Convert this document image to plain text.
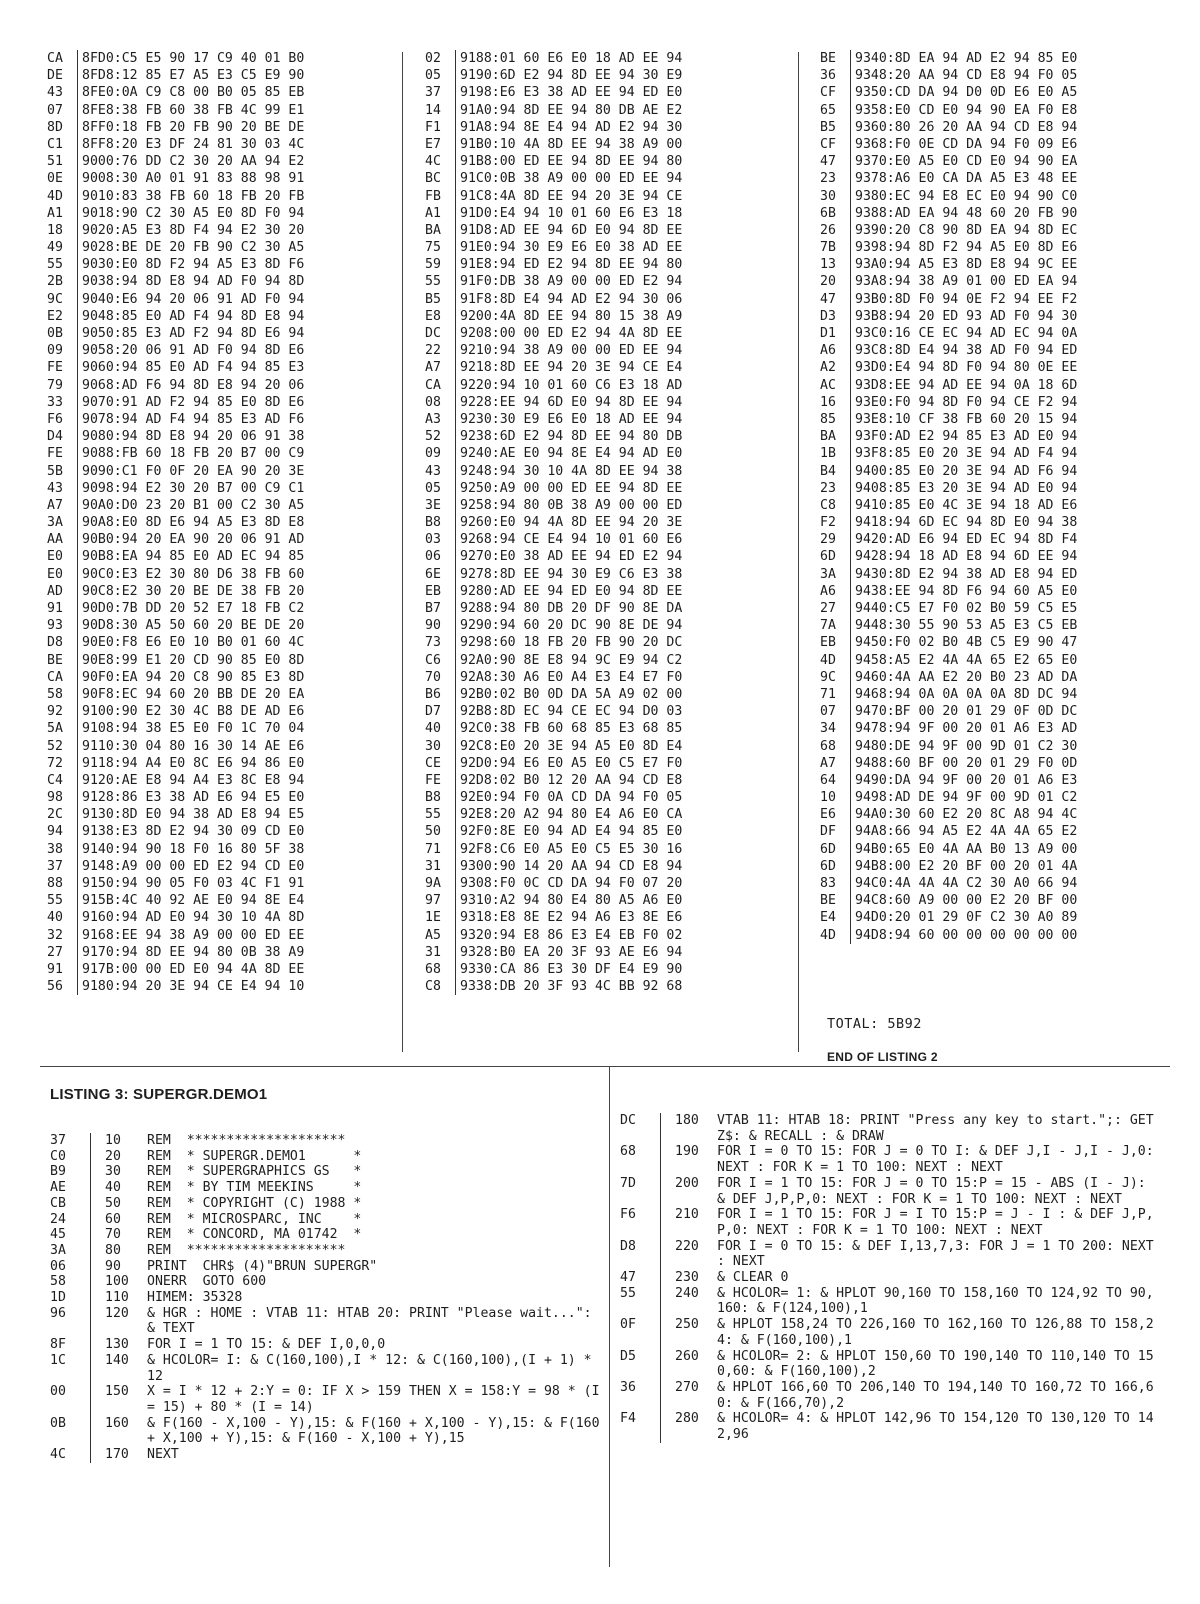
CA	8FD0:C5 E5 90 17 C9 40 01 B0
DE	8FD8:12 85 E7 A5 E3 C5 E9 90
43	8FE0:0A C9 C8 00 B0 05 85 EB
07	8FE8:38 FB 60 38 FB 4C 99 E1
8D	8FF0:18 FB 20 FB 90 20 BE DE
C1	8FF8:20 E3 DF 24 81 30 03 4C
51	9000:76 DD C2 30 20 AA 94 E2
0E	9008:30 A0 01 91 83 88 98 91
4D	9010:83 38 FB 60 18 FB 20 FB
A1	9018:90 C2 30 A5 E0 8D F0 94
18	9020:A5 E3 8D F4 94 E2 30 20
49	9028:BE DE 20 FB 90 C2 30 A5
55	9030:E0 8D F2 94 A5 E3 8D F6
2B	9038:94 8D E8 94 AD F0 94 8D
9C	9040:E6 94 20 06 91 AD F0 94
E2	9048:85 E0 AD F4 94 8D E8 94
0B	9050:85 E3 AD F2 94 8D E6 94
09	9058:20 06 91 AD F0 94 8D E6
FE	9060:94 85 E0 AD F4 94 85 E3
79	9068:AD F6 94 8D E8 94 20 06
33	9070:91 AD F2 94 85 E0 8D E6
F6	9078:94 AD F4 94 85 E3 AD F6
D4	9080:94 8D E8 94 20 06 91 38
FE	9088:FB 60 18 FB 20 B7 00 C9
5B	9090:C1 F0 0F 20 EA 90 20 3E
43	9098:94 E2 30 20 B7 00 C9 C1
A7	90A0:D0 23 20 B1 00 C2 30 A5
3A	90A8:E0 8D E6 94 A5 E3 8D E8
AA	90B0:94 20 EA 90 20 06 91 AD
E0	90B8:EA 94 85 E0 AD EC 94 85
E0	90C0:E3 E2 30 80 D6 38 FB 60
AD	90C8:E2 30 20 BE DE 38 FB 20
91	90D0:7B DD 20 52 E7 18 FB C2
93	90D8:30 A5 50 60 20 BE DE 20
D8	90E0:F8 E6 E0 10 B0 01 60 4C
BE	90E8:99 E1 20 CD 90 85 E0 8D
CA	90F0:EA 94 20 C8 90 85 E3 8D
58	90F8:EC 94 60 20 BB DE 20 EA
92	9100:90 E2 30 4C B8 DE AD E6
5A	9108:94 38 E5 E0 F0 1C 70 04
52	9110:30 04 80 16 30 14 AE E6
72	9118:94 A4 E0 8C E6 94 86 E0
C4	9120:AE E8 94 A4 E3 8C E8 94
98	9128:86 E3 38 AD E6 94 E5 E0
2C	9130:8D E0 94 38 AD E8 94 E5
94	9138:E3 8D E2 94 30 09 CD E0
38	9140:94 90 18 F0 16 80 5F 38
37	9148:A9 00 00 ED E2 94 CD E0
88	9150:94 90 05 F0 03 4C F1 91
55	915B:4C 40 92 AE E0 94 8E E4
40	9160:94 AD E0 94 30 10 4A 8D
32	9168:EE 94 38 A9 00 00 ED EE
27	9170:94 8D EE 94 80 0B 38 A9
91	917B:00 00 ED E0 94 4A 8D EE
56	9180:94 20 3E 94 CE E4 94 10
02	9188:01 60 E6 E0 18 AD EE 94
05	9190:6D E2 94 8D EE 94 30 E9
37	9198:E6 E3 38 AD EE 94 ED E0
14	91A0:94 8D EE 94 80 DB AE E2
F1	91A8:94 8E E4 94 AD E2 94 30
E7	91B0:10 4A 8D EE 94 38 A9 00
4C	91B8:00 ED EE 94 8D EE 94 80
BC	91C0:0B 38 A9 00 00 ED EE 94
FB	91C8:4A 8D EE 94 20 3E 94 CE
A1	91D0:E4 94 10 01 60 E6 E3 18
BA	91D8:AD EE 94 6D E0 94 8D EE
75	91E0:94 30 E9 E6 E0 38 AD EE
59	91E8:94 ED E2 94 8D EE 94 80
55	91F0:DB 38 A9 00 00 ED E2 94
B5	91F8:8D E4 94 AD E2 94 30 06
E8	9200:4A 8D EE 94 80 15 38 A9
DC	9208:00 00 ED E2 94 4A 8D EE
22	9210:94 38 A9 00 00 ED EE 94
A7	9218:8D EE 94 20 3E 94 CE E4
CA	9220:94 10 01 60 C6 E3 18 AD
08	9228:EE 94 6D E0 94 8D EE 94
A3	9230:30 E9 E6 E0 18 AD EE 94
52	9238:6D E2 94 8D EE 94 80 DB
09	9240:AE E0 94 8E E4 94 AD E0
43	9248:94 30 10 4A 8D EE 94 38
05	9250:A9 00 00 ED EE 94 8D EE
3E	9258:94 80 0B 38 A9 00 00 ED
B8	9260:E0 94 4A 8D EE 94 20 3E
03	9268:94 CE E4 94 10 01 60 E6
06	9270:E0 38 AD EE 94 ED E2 94
6E	9278:8D EE 94 30 E9 C6 E3 38
EB	9280:AD EE 94 ED E0 94 8D EE
B7	9288:94 80 DB 20 DF 90 8E DA
90	9290:94 60 20 DC 90 8E DE 94
73	9298:60 18 FB 20 FB 90 20 DC
C6	92A0:90 8E E8 94 9C E9 94 C2
70	92A8:30 A6 E0 A4 E3 E4 E7 F0
B6	92B0:02 B0 0D DA 5A A9 02 00
D7	92B8:8D EC 94 CE EC 94 D0 03
40	92C0:38 FB 60 68 85 E3 68 85
30	92C8:E0 20 3E 94 A5 E0 8D E4
CE	92D0:94 E6 E0 A5 E0 C5 E7 F0
FE	92D8:02 B0 12 20 AA 94 CD E8
B8	92E0:94 F0 0A CD DA 94 F0 05
55	92E8:20 A2 94 80 E4 A6 E0 CA
50	92F0:8E E0 94 AD E4 94 85 E0
71	92F8:C6 E0 A5 E0 C5 E5 30 16
31	9300:90 14 20 AA 94 CD E8 94
9A	9308:F0 0C CD DA 94 F0 07 20
97	9310:A2 94 80 E4 80 A5 A6 E0
1E	9318:E8 8E E2 94 A6 E3 8E E6
A5	9320:94 E8 86 E3 E4 EB F0 02
31	9328:B0 EA 20 3F 93 AE E6 94
68	9330:CA 86 E3 30 DF E4 E9 90
C8	9338:DB 20 3F 93 4C BB 92 68
BE	9340:8D EA 94 AD E2 94 85 E0
36	9348:20 AA 94 CD E8 94 F0 05
CF	9350:CD DA 94 D0 0D E6 E0 A5
65	9358:E0 CD E0 94 90 EA F0 E8
B5	9360:80 26 20 AA 94 CD E8 94
CF	9368:F0 0E CD DA 94 F0 09 E6
47	9370:E0 A5 E0 CD E0 94 90 EA
23	9378:A6 E0 CA DA A5 E3 48 EE
30	9380:EC 94 E8 EC E0 94 90 C0
6B	9388:AD EA 94 48 60 20 FB 90
26	9390:20 C8 90 8D EA 94 8D EC
7B	9398:94 8D F2 94 A5 E0 8D E6
13	93A0:94 A5 E3 8D E8 94 9C EE
20	93A8:94 38 A9 01 00 ED EA 94
47	93B0:8D F0 94 0E F2 94 EE F2
D3	93B8:94 20 ED 93 AD F0 94 30
D1	93C0:16 CE EC 94 AD EC 94 0A
A6	93C8:8D E4 94 38 AD F0 94 ED
A2	93D0:E4 94 8D F0 94 80 0E EE
AC	93D8:EE 94 AD EE 94 0A 18 6D
16	93E0:F0 94 8D F0 94 CE F2 94
85	93E8:10 CF 38 FB 60 20 15 94
BA	93F0:AD E2 94 85 E3 AD E0 94
1B	93F8:85 E0 20 3E 94 AD F4 94
B4	9400:85 E0 20 3E 94 AD F6 94
23	9408:85 E3 20 3E 94 AD E0 94
C8	9410:85 E0 4C 3E 94 18 AD E6
F2	9418:94 6D EC 94 8D E0 94 38
29	9420:AD E6 94 ED EC 94 8D F4
6D	9428:94 18 AD E8 94 6D EE 94
3A	9430:8D E2 94 38 AD E8 94 ED
A6	9438:EE 94 8D F6 94 60 A5 E0
27	9440:C5 E7 F0 02 B0 59 C5 E5
7A	9448:30 55 90 53 A5 E3 C5 EB
EB	9450:F0 02 B0 4B C5 E9 90 47
4D	9458:A5 E2 4A 4A 65 E2 65 E0
9C	9460:4A AA E2 20 B0 23 AD DA
71	9468:94 0A 0A 0A 0A 8D DC 94
07	9470:BF 00 20 01 29 0F 0D DC
34	9478:94 9F 00 20 01 A6 E3 AD
68	9480:DE 94 9F 00 9D 01 C2 30
A7	9488:60 BF 00 20 01 29 F0 0D
64	9490:DA 94 9F 00 20 01 A6 E3
10	9498:AD DE 94 9F 00 9D 01 C2
E6	94A0:30 60 E2 20 8C A8 94 4C
DF	94A8:66 94 A5 E2 4A 4A 65 E2
6D	94B0:65 E0 4A AA B0 13 A9 00
6D	94B8:00 E2 20 BF 00 20 01 4A
83	94C0:4A 4A 4A C2 30 A0 66 94
BE	94C8:60 A9 00 00 E2 20 BF 00
E4	94D0:20 01 29 0F C2 30 A0 89
4D	94D8:94 60 00 00 00 00 00 00
TOTAL: 5B92
END OF LISTING 2
LISTING 3: SUPERGR.DEMO1
37	10	REM  ********************
C0	20	REM  * SUPERGR.DEMO1      *
B9	30	REM  * SUPERGRAPHICS GS   *
AE	40	REM  * BY TIM MEEKINS     *
CB	50	REM  * COPYRIGHT (C) 1988 *
24	60	REM  * MICROSPARC, INC    *
45	70	REM  * CONCORD, MA 01742  *
3A	80	REM  ********************
06	90	PRINT  CHR$ (4)"BRUN SUPERGR"
58	100	ONERR  GOTO 600
1D	110	HIMEM: 35328
96	120	& HGR : HOME : VTAB 11: HTAB 20: PRINT "Please wait...": & TEXT
8F	130	FOR I = 1 TO 15: & DEF I,0,0,0
1C	140	& HCOLOR= I: & C(160,100),I * 12: & C(160,100),(I + 1) * 12
00	150	X = I * 12 + 2:Y = 0: IF X > 159 THEN X = 158:Y = 98 * (I = 15) + 80 * (I = 14)
0B	160	& F(160 - X,100 - Y),15: & F(160 + X,100 - Y),15: & F(160 + X,100 + Y),15: & F(160 - X,100 + Y),15
4C	170	NEXT
DC	180	VTAB 11: HTAB 18: PRINT "Press any key to start.";: GET Z$: & RECALL : & DRAW
68	190	FOR I = 0 TO 15: FOR J = 0 TO I: & DEF J,I - J,I - J,0: NEXT : FOR K = 1 TO 100: NEXT : NEXT
7D	200	FOR I = 1 TO 15: FOR J = 0 TO 15:P = 15 - ABS (I - J): & DEF J,P,P,0: NEXT : FOR K = 1 TO 100: NEXT : NEXT
F6	210	FOR I = 1 TO 15: FOR J = I TO 15:P = J - I : & DEF J,P,P,0: NEXT : FOR K = 1 TO 100: NEXT : NEXT
D8	220	FOR I = 0 TO 15: & DEF I,13,7,3: FOR J = 1 TO 200: NEXT : NEXT
47	230	& CLEAR 0
55	240	& HCOLOR= 1: & HPLOT 90,160 TO 158,160 TO 124,92 TO 90,160: & F(124,100),1
0F	250	& HPLOT 158,24 TO 226,160 TO 162,160 TO 126,88 TO 158,24: & F(160,100),1
D5	260	& HCOLOR= 2: & HPLOT 150,60 TO 190,140 TO 110,140 TO 150,60: & F(160,100),2
36	270	& HPLOT 166,60 TO 206,140 TO 194,140 TO 160,72 TO 166,60: & F(166,70),2
F4	280	& HCOLOR= 4: & HPLOT 142,96 TO 154,120 TO 130,120 TO 142,96
